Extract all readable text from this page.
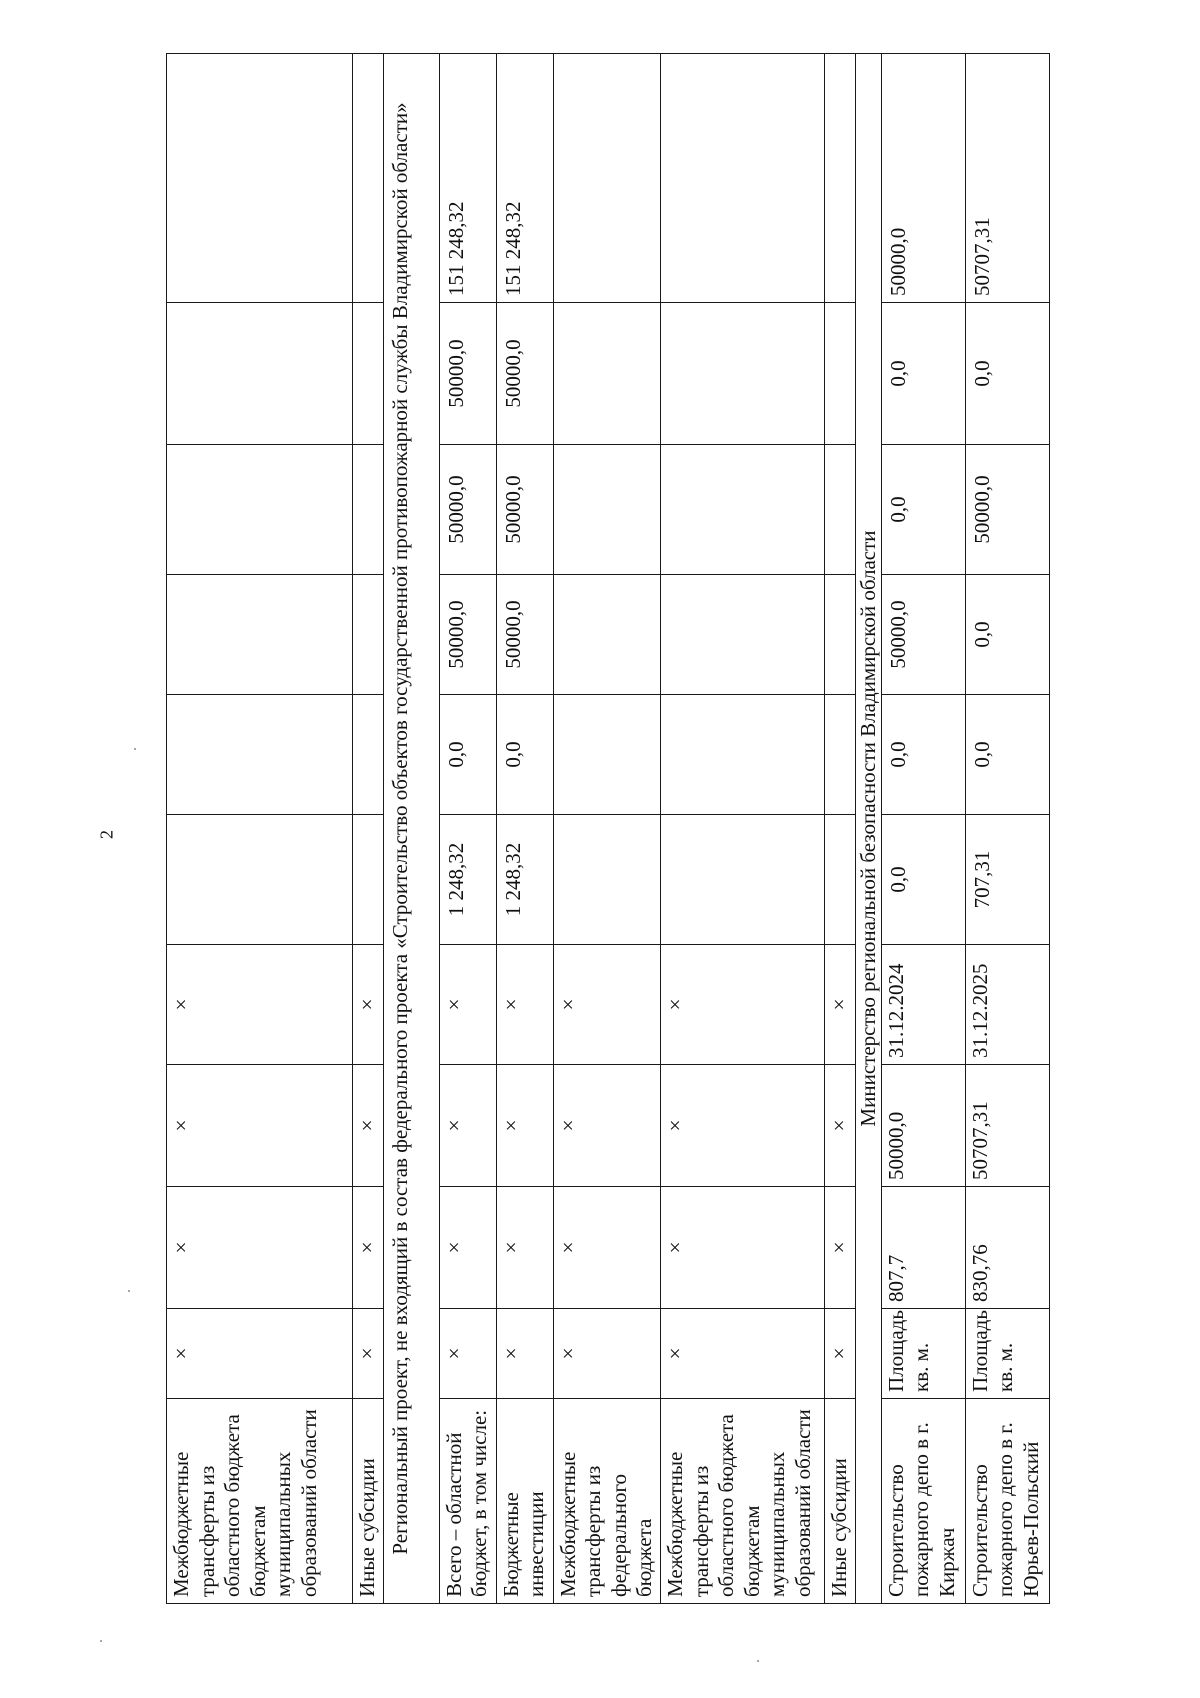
2
Межбюджетные трансферты из областного бюджета бюджетам муниципальных образований области	×	×	×	×						
Иные субсидии	×	×	×	×						
Региональный проект, не входящий в состав федерального проекта «Строительство объектов государственной противопожарной службы Владимирской области»										
Всего – областной бюджет, в том числе:	×	×	×	×	1 248,32	0,0	50000,0	50000,0	50000,0	151 248,32
Бюджетные инвестиции	×	×	×	×	1 248,32	0,0	50000,0	50000,0	50000,0	151 248,32
Межбюджетные трансферты из федерального бюджета	×	×	×	×						
Межбюджетные трансферты из областного бюджета бюджетам муниципальных образований области	×	×	×	×						
Иные субсидии	×	×	×	×						
Министерство региональной безопасности Владимирской области										
Строительство пожарного депо в г. Киржач	Площадь кв. м.	807,7	50000,0	31.12.2024	0,0	0,0	50000,0	0,0	0,0	50000,0
Строительство пожарного депо в г. Юрьев-Польский	Площадь кв. м.	830,76	50707,31	31.12.2025	707,31	0,0	0,0	50000,0	0,0	50707,31
